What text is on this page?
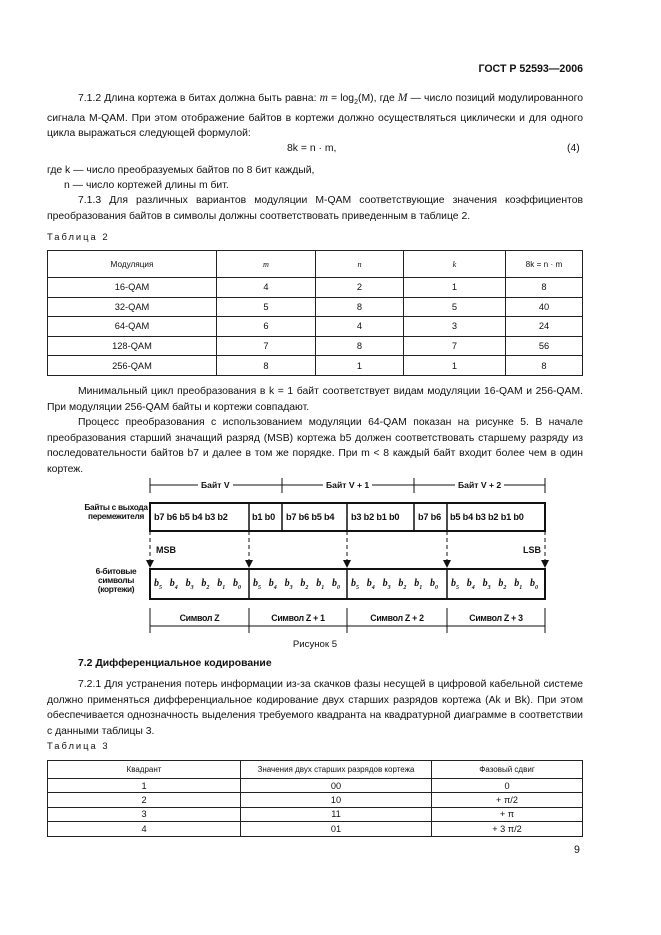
ГОСТ Р 52593—2006
7.1.2 Длина кортежа в битах должна быть равна: $m = \log_2(M)$, где M — число позиций модулированного сигнала M-QAM. При этом отображение байтов в кортежи должно осуществляться циклически и для одного цикла выражаться следующей формулой:
8k = n · m,	(4)
где k — число преобразуемых байтов по 8 бит каждый,
n — число кортежей длины m бит.
7.1.3 Для различных вариантов модуляции M-QAM соответствующие значения коэффициентов преобразования байтов в символы должны соответствовать приведенным в таблице 2.
Таблица 2
Модуляция	m	n	k	8k = n · m
16-QAM	4	2	1	8
32-QAM	5	8	5	40
64-QAM	6	4	3	24
128-QAM	7	8	7	56
256-QAM	8	1	1	8
Минимальный цикл преобразования в k = 1 байт соответствует видам модуляции 16-QAM и 256-QAM. При модуляции 256-QAM байты и кортежи совпадают.
Процесс преобразования с использованием модуляции 64-QAM показан на рисунке 5. В начале преобразования старший значащий разряд (MSB) кортежа b5 должен соответствовать старшему разряду из последовательности байтов b7 и далее в том же порядке. При m < 8 каждый байт входит более чем в один кортеж.
Байт V	Байт V + 1	Байт V + 2
Байты с выхода перемежителя	b7 b6 b5 b4 b3 b2	b1 b0 b7 b6 b5 b4 b3 b2 b1 b0 b7 b6 b5 b4 b3 b2 b1 b0
MSB	LSB
6-битовые символы (кортежи)	$b_5$ $b_4$ $b_3$ $b_2$ $b_1$ $b_0$ $b_5$ $b_4$ $b_3$ $b_2$ $b_1$ $b_0$ $b_5$ $b_4$ $b_3$ $b_2$ $b_1$ $b_0$ $b_5$ $b_4$ $b_3$ $b_2$ $b_1$ $b_0$
Символ Z	Символ Z + 1	Символ Z + 2	Символ Z + 3
Рисунок 5
7.2 Дифференциальное кодирование
7.2.1 Для устранения потерь информации из-за скачков фазы несущей в цифровой кабельной системе должно применяться дифференциальное кодирование двух старших разрядов кортежа (Ak и Bk). При этом обеспечивается однозначность выделения требуемого квадранта на квадратурной диаграмме в соответствии с данными таблицы 3.
Таблица 3
Квадрант	Значения двух старших разрядов кортежа	Фазовый сдвиг
1	00	0
2	10	+ π/2
3	11	+ π
4	01	+ 3 π/2
9
